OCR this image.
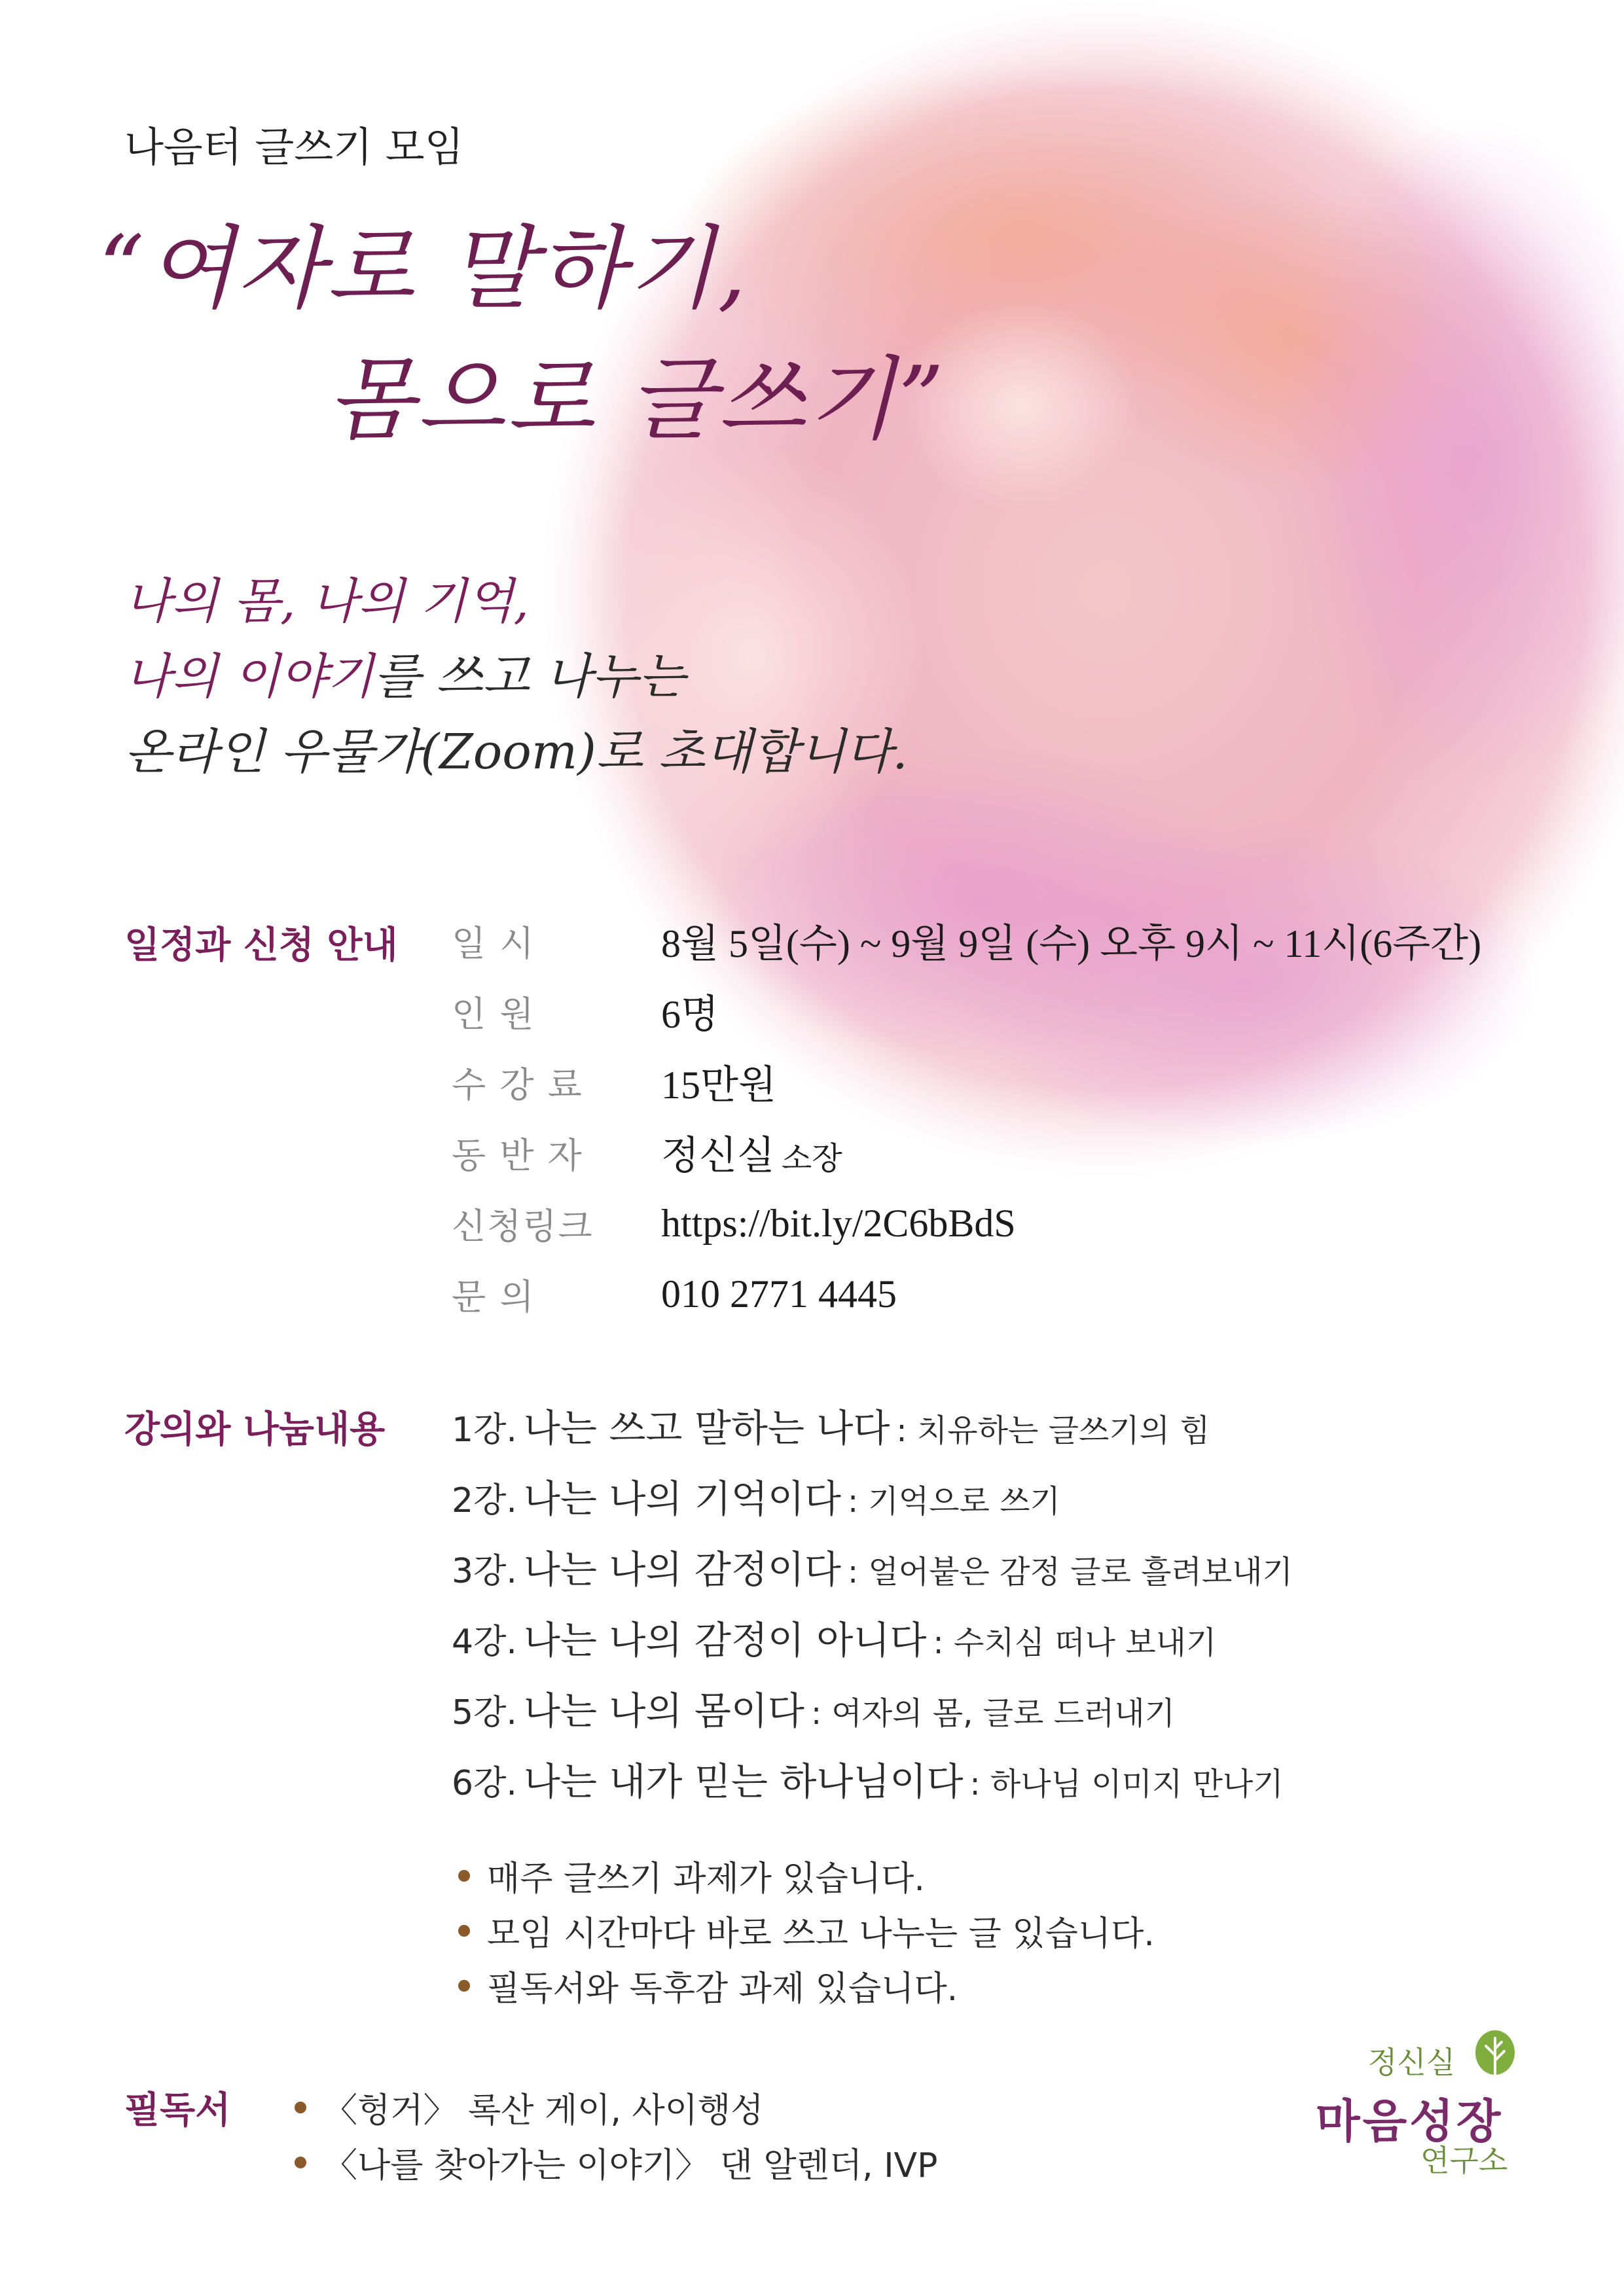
나음터 글쓰기 모임
“여자로 말하기,
몸으로 글쓰기”
나의 몸, 나의 기억,
나의 이야기를 쓰고 나누는
온라인 우물가(Zoom)로 초대합니다.
일정과 신청 안내 일 시	8월 5일(수) ~ 9월 9일 (수) 오후 9시 ~ 11시(6주간)
인 원	6명
수 강 료	15만원
동 반 자	정신실 소장
신청링크	https://bit.ly/2C6bBdS
문 의	010 2771 4445
강의와 나눔내용 1강. 나는 쓰고 말하는 나다 : 치유하는 글쓰기의 힘
2강. 나는 나의 기억이다 : 기억으로 쓰기
3강. 나는 나의 감정이다 : 얼어붙은 감정 글로 흘려보내기
4강. 나는 나의 감정이 아니다 : 수치심 떠나 보내기
5강. 나는 나의 몸이다 : 여자의 몸, 글로 드러내기
6강. 나는 내가 믿는 하나님이다 : 하나님 이미지 만나기
매주 글쓰기 과제가 있습니다.
모임 시간마다 바로 쓰고 나누는 글 있습니다.
필독서와 독후감 과제 있습니다.
필독서	〈헝거〉 록산 게이, 사이행성
〈나를 찾아가는 이야기〉 댄 알렌더, IVP
정신실
마음성장
연구소
